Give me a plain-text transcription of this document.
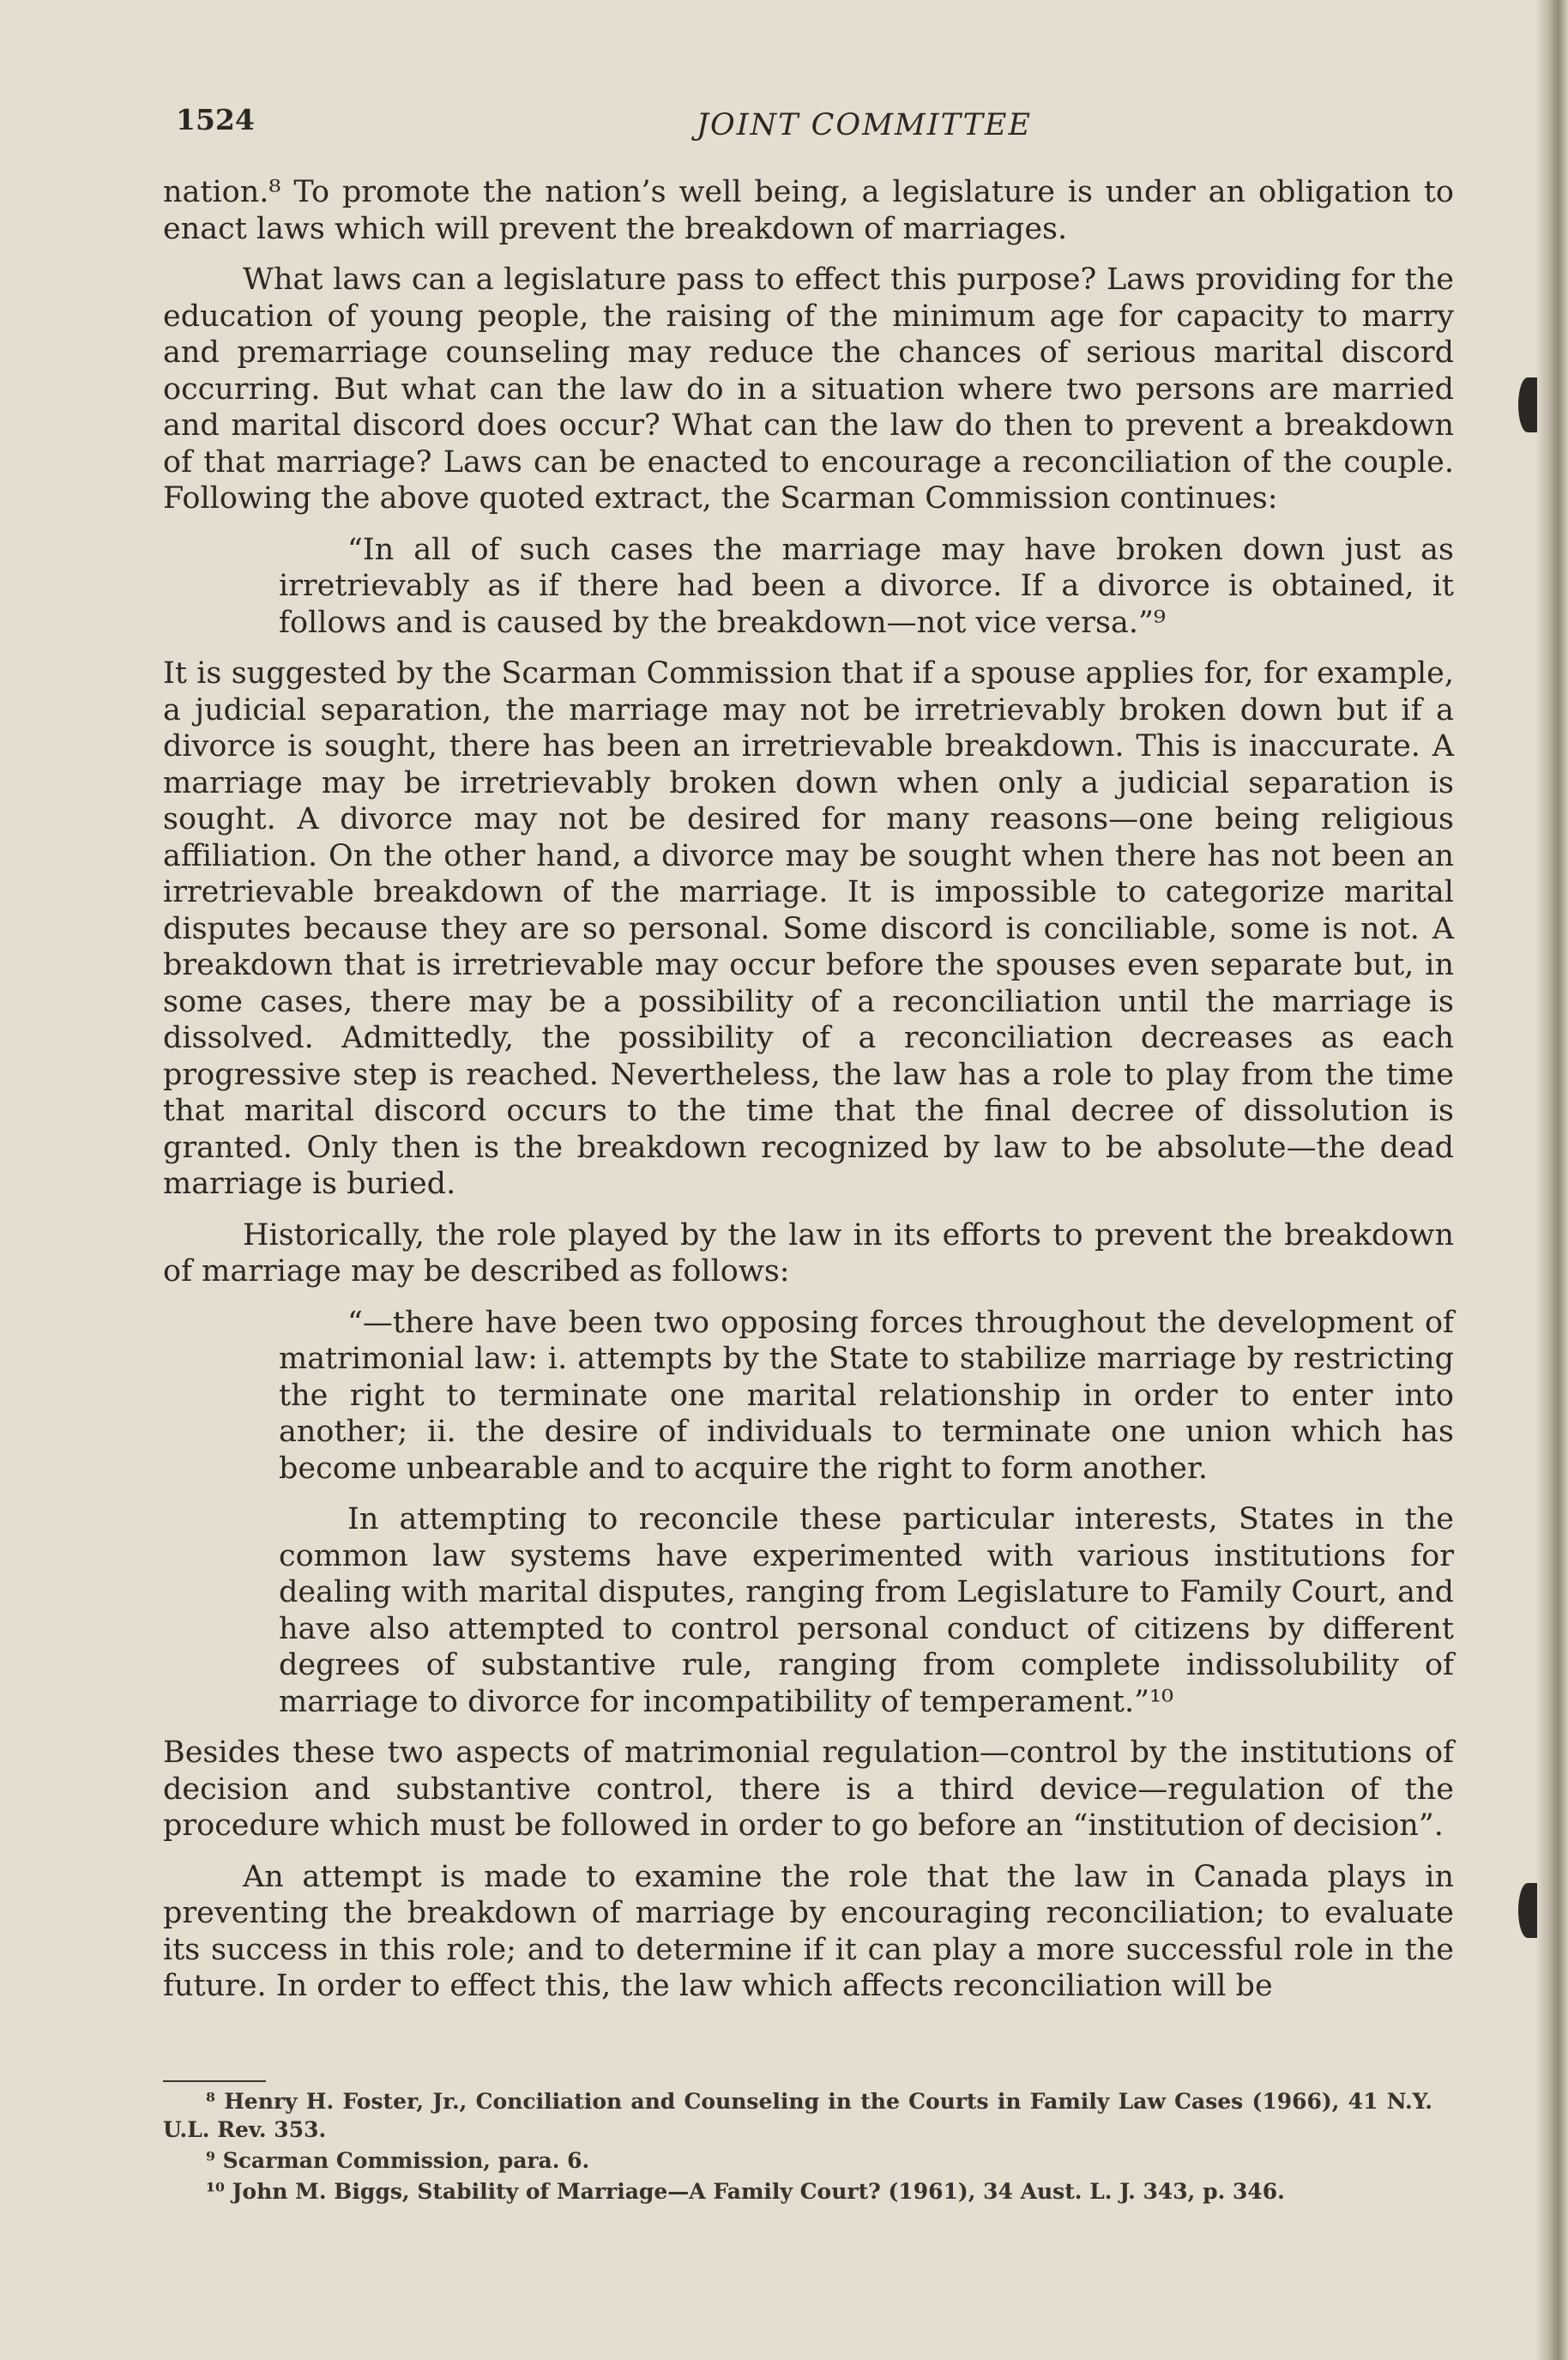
1524	JOINT COMMITTEE

nation.⁸ To promote the nation’s well being, a legislature is under an obligation to enact laws which will prevent the breakdown of marriages.

What laws can a legislature pass to effect this purpose? Laws providing for the education of young people, the raising of the minimum age for capacity to marry and premarriage counseling may reduce the chances of serious marital discord occurring. But what can the law do in a situation where two persons are married and marital discord does occur? What can the law do then to prevent a breakdown of that marriage? Laws can be enacted to encourage a reconciliation of the couple. Following the above quoted extract, the Scarman Commission continues:

“In all of such cases the marriage may have broken down just as irretrievably as if there had been a divorce. If a divorce is obtained, it follows and is caused by the breakdown—not vice versa.”⁹

It is suggested by the Scarman Commission that if a spouse applies for, for example, a judicial separation, the marriage may not be irretrievably broken down but if a divorce is sought, there has been an irretrievable breakdown. This is inaccurate. A marriage may be irretrievably broken down when only a judicial separation is sought. A divorce may not be desired for many reasons—one being religious affiliation. On the other hand, a divorce may be sought when there has not been an irretrievable breakdown of the marriage. It is impossible to categorize marital disputes because they are so personal. Some discord is conciliable, some is not. A breakdown that is irretrievable may occur before the spouses even separate but, in some cases, there may be a possibility of a reconciliation until the marriage is dissolved. Admittedly, the possibility of a reconciliation decreases as each progressive step is reached. Nevertheless, the law has a role to play from the time that marital discord occurs to the time that the final decree of dissolution is granted. Only then is the breakdown recognized by law to be absolute—the dead marriage is buried.

Historically, the role played by the law in its efforts to prevent the breakdown of marriage may be described as follows:

“—there have been two opposing forces throughout the development of matrimonial law: i. attempts by the State to stabilize marriage by restricting the right to terminate one marital relationship in order to enter into another; ii. the desire of individuals to terminate one union which has become unbearable and to acquire the right to form another.

In attempting to reconcile these particular interests, States in the common law systems have experimented with various institutions for dealing with marital disputes, ranging from Legislature to Family Court, and have also attempted to control personal conduct of citizens by different degrees of substantive rule, ranging from complete indissolubility of marriage to divorce for incompatibility of temperament.”¹⁰

Besides these two aspects of matrimonial regulation—control by the institutions of decision and substantive control, there is a third device—regulation of the procedure which must be followed in order to go before an “institution of decision”.

An attempt is made to examine the role that the law in Canada plays in preventing the breakdown of marriage by encouraging reconciliation; to evaluate its success in this role; and to determine if it can play a more successful role in the future. In order to effect this, the law which affects reconciliation will be

⁸ Henry H. Foster, Jr., Conciliation and Counseling in the Courts in Family Law Cases (1966), 41 N.Y. U.L. Rev. 353.

⁹ Scarman Commission, para. 6.

¹⁰ John M. Biggs, Stability of Marriage—A Family Court? (1961), 34 Aust. L. J. 343, p. 346.
